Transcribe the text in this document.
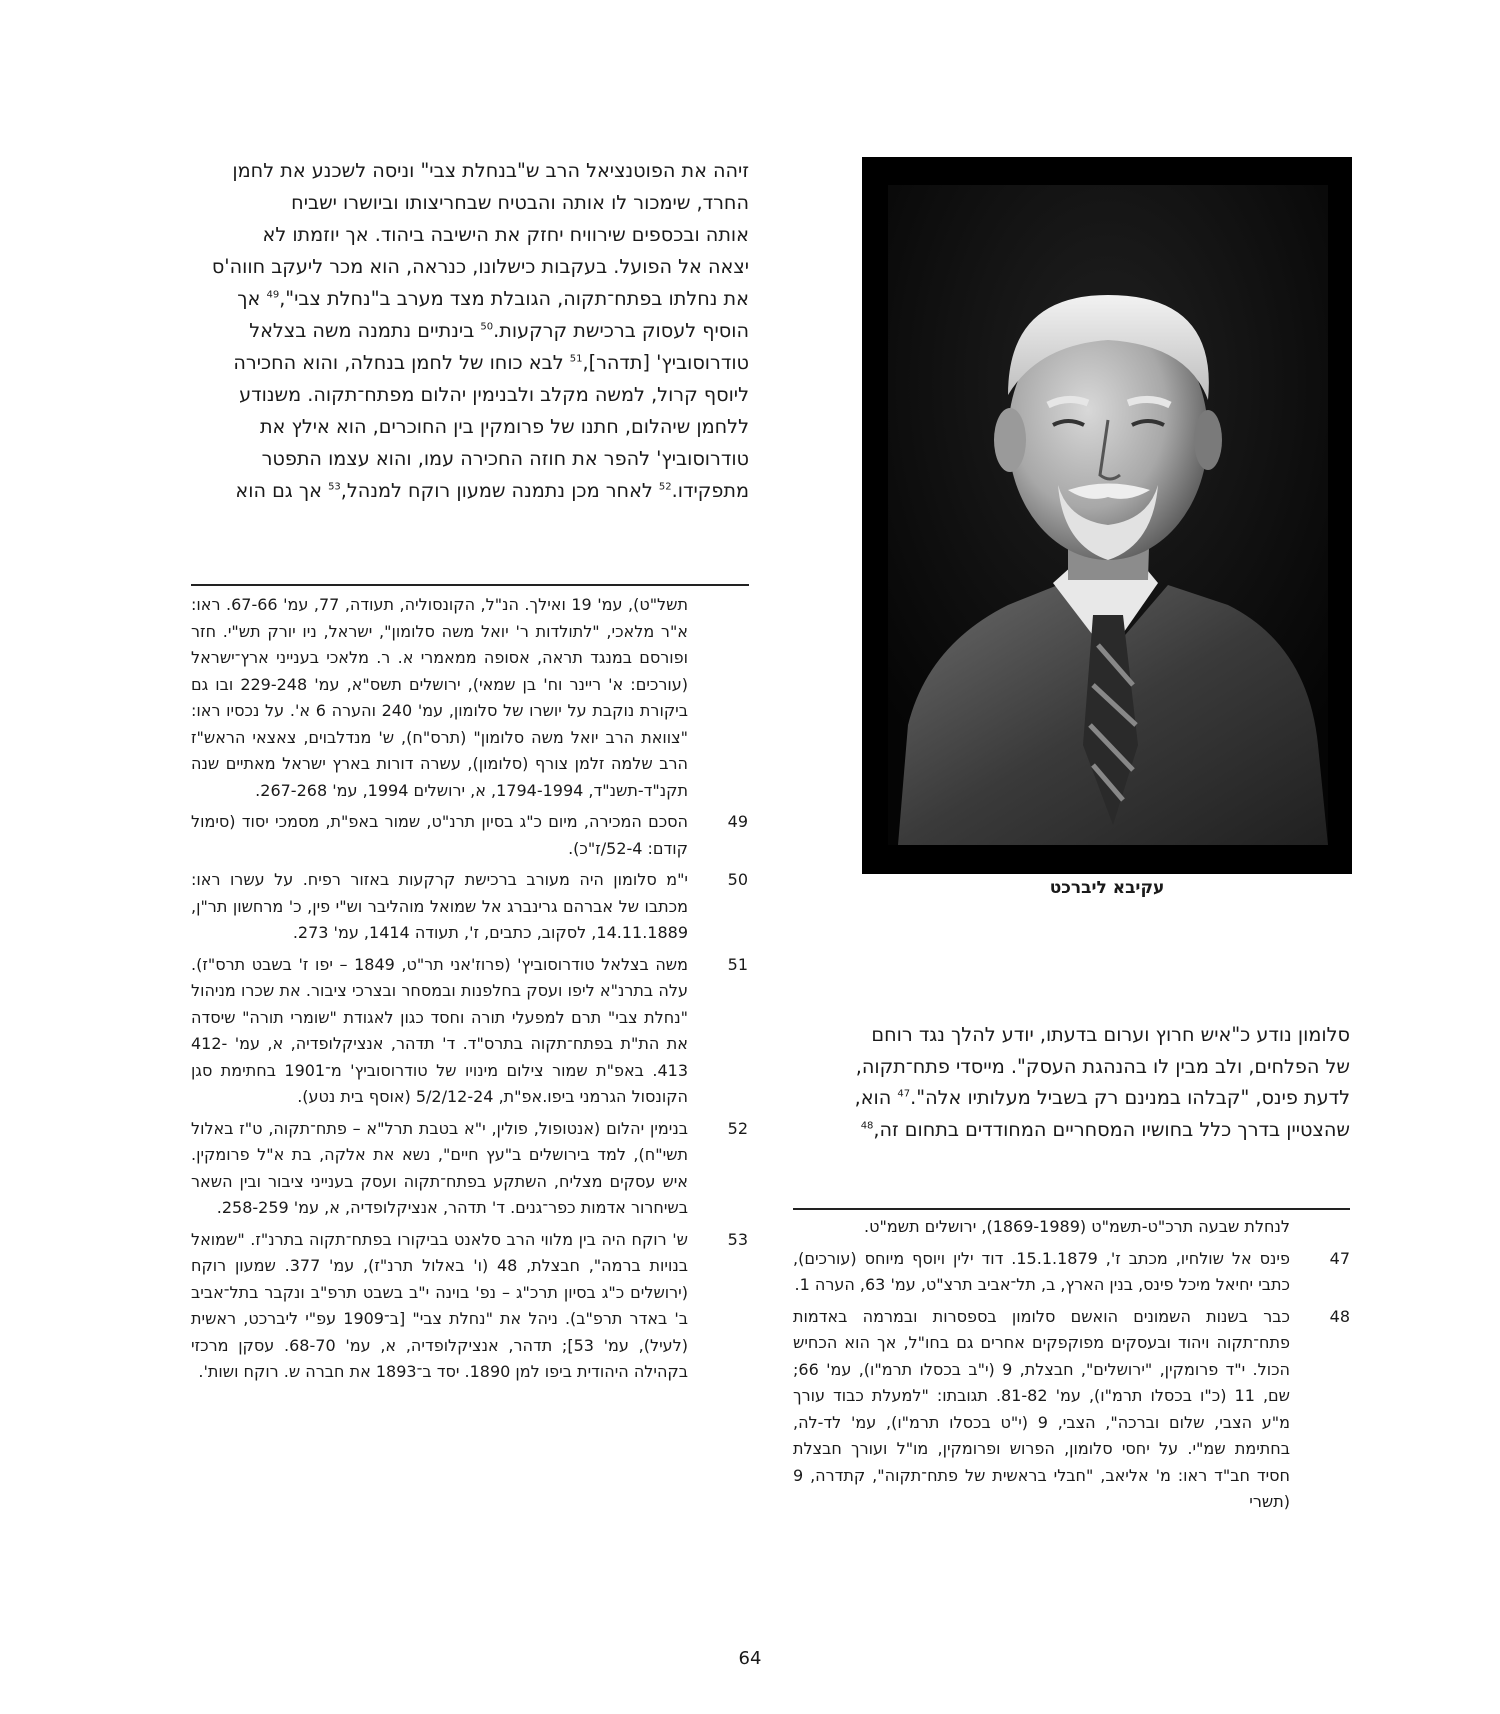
זיהה את הפוטנציאל הרב ש"בנחלת צבי" וניסה לשכנע את לחמן
החרד, שימכור לו אותה והבטיח שבחריצותו וביושרו ישביח
אותה ובכספים שירוויח יחזק את הישיבה ביהוד. אך יוזמתו לא
יצאה אל הפועל. בעקבות כישלונו, כנראה, הוא מכר ליעקב חווה'ס
את נחלתו בפתח־תקוה, הגובלת מצד מערב ב"נחלת צבי",$^{49}$ אך
הוסיף לעסוק ברכישת קרקעות.$^{50}$ בינתיים נתמנה משה בצלאל
טודרוסוביץ' [תדהר],$^{51}$ לבא כוחו של לחמן בנחלה, והוא החכירה
ליוסף קרול, למשה מקלב ולבנימין יהלום מפתח־תקוה. משנודע
ללחמן שיהלום, חתנו של פרומקין בין החוכרים, הוא אילץ את
טודרוסוביץ' להפר את חוזה החכירה עמו, והוא עצמו התפטר
מתפקידו.$^{52}$ לאחר מכן נתמנה שמעון רוקח למנהל,$^{53}$ אך גם הוא
תשל"ט), עמ' 19 ואילך. הנ"ל, הקונסוליה, תעודה, 77, עמ' 67-66. ראו: א"ר מלאכי, "לתולדות ר' יואל משה סלומון", ישראל, ניו יורק תש"י. חזר ופורסם במנגד תראה, אסופה ממאמרי א. ר. מלאכי בענייני ארץ־ישראל (עורכים: א' ריינר וח' בן שמאי), ירושלים תשס"א, עמ' 229-248 ובו גם ביקורת נוקבת על יושרו של סלומון, עמ' 240 והערה 6 א'. על נכסיו ראו: "צוואת הרב יואל משה סלומון" (תרס"ח), ש' מנדלבוים, צאצאי הראש"ז הרב שלמה זלמן צורף (סלומון), עשרה דורות בארץ ישראל מאתיים שנה תקנ"ד-תשנ"ד, 1794-1994, א, ירושלים 1994, עמ' 267-268.
49
הסכם המכירה, מיום כ"ג בסיון תרנ"ט, שמור באפ"ת, מסמכי יסוד (סימול קודם: 52-4/ז"כ).
50
י"מ סלומון היה מעורב ברכישת קרקעות באזור רפיח. על עשרו ראו: מכתבו של אברהם גרינברג אל שמואל מוהליבר וש"י פין, כ' מרחשון תר"ן, 14.11.1889, לסקוב, כתבים, ז', תעודה 1414, עמ' 273.
51
משה בצלאל טודרוסוביץ' (פרוז'אני תר"ט, 1849 – יפו ז' בשבט תרס"ז). עלה בתרנ"א ליפו ועסק בחלפנות ובמסחר ובצרכי ציבור. את שכרו מניהול "נחלת צבי" תרם למפעלי תורה וחסד כגון לאגודת "שומרי תורה" שיסדה את הת"ת בפתח־תקוה בתרס"ד. ד' תדהר, אנציקלופדיה, א, עמ' 412-413. באפ"ת שמור צילום מינויו של טודרוסוביץ' מ־1901 בחתימת סגן הקונסול הגרמני ביפו.אפ"ת, 5/2/12-24 (אוסף בית נטע).
52
בנימין יהלום (אנטופול, פולין, י"א בטבת תרל"א – פתח־תקוה, ט"ז באלול תשי"ח), למד בירושלים ב"עץ חיים", נשא את אלקה, בת א"ל פרומקין. איש עסקים מצליח, השתקע בפתח־תקוה ועסק בענייני ציבור ובין השאר בשיחרור אדמות כפר־גנים. ד' תדהר, אנציקלופדיה, א, עמ' 258-259.
53
ש' רוקח היה בין מלווי הרב סלאנט בביקורו בפתח־תקוה בתרנ"ז. "שמואל בנויות ברמה", חבצלת, 48 (ו' באלול תרנ"ז), עמ' 377. שמעון רוקח (ירושלים כ"ג בסיון תרכ"ג – נפ' בוינה י"ב בשבט תרפ"ב ונקבר בתל־אביב ב' באדר תרפ"ב). ניהל את "נחלת צבי" [ב־1909 עפ"י ליברכט, ראשית (לעיל), עמ' 53]; תדהר, אנציקלופדיה, א, עמ' 68-70. עסקן מרכזי בקהילה היהודית ביפו למן 1890. יסד ב־1893 את חברה ש. רוקח ושות'.
עקיבא ליברכט
סלומון נודע כ"איש חרוץ וערום בדעתו, יודע להלך נגד רוחם
של הפלחים, ולב מבין לו בהנהגת העסק". מייסדי פתח־תקוה,
לדעת פינס, "קבלהו במנינם רק בשביל מעלותיו אלה".$^{47}$ הוא,
שהצטיין בדרך כלל בחושיו המסחריים המחודדים בתחום זה,$^{48}$
לנחלת שבעה תרכ"ט-תשמ"ט (1869-1989), ירושלים תשמ"ט.
47
פינס אל שולחיו, מכתב ז', 15.1.1879. דוד ילין ויוסף מיוחס (עורכים), כתבי יחיאל מיכל פינס, בנין הארץ, ב, תל־אביב תרצ"ט, עמ' 63, הערה 1.
48
כבר בשנות השמונים הואשם סלומון בספסרות ובמרמה באדמות פתח־תקוה ויהוד ובעסקים מפוקפקים אחרים גם בחו"ל, אך הוא הכחיש הכול. י"ד פרומקין, "ירושלים", חבצלת, 9 (י"ב בכסלו תרמ"ו), עמ' 66; שם, 11 (כ"ו בכסלו תרמ"ו), עמ' 81-82. תגובתו: "למעלת כבוד עורך מ"ע הצבי, שלום וברכה", הצבי, 9 (י"ט בכסלו תרמ"ו), עמ' לד-לה, בחתימת שמ"י. על יחסי סלומון, הפרוש ופרומקין, מו"ל ועורך חבצלת חסיד חב"ד ראו: מ' אליאב, "חבלי בראשית של פתח־תקוה", קתדרה, 9 (תשרי
64
